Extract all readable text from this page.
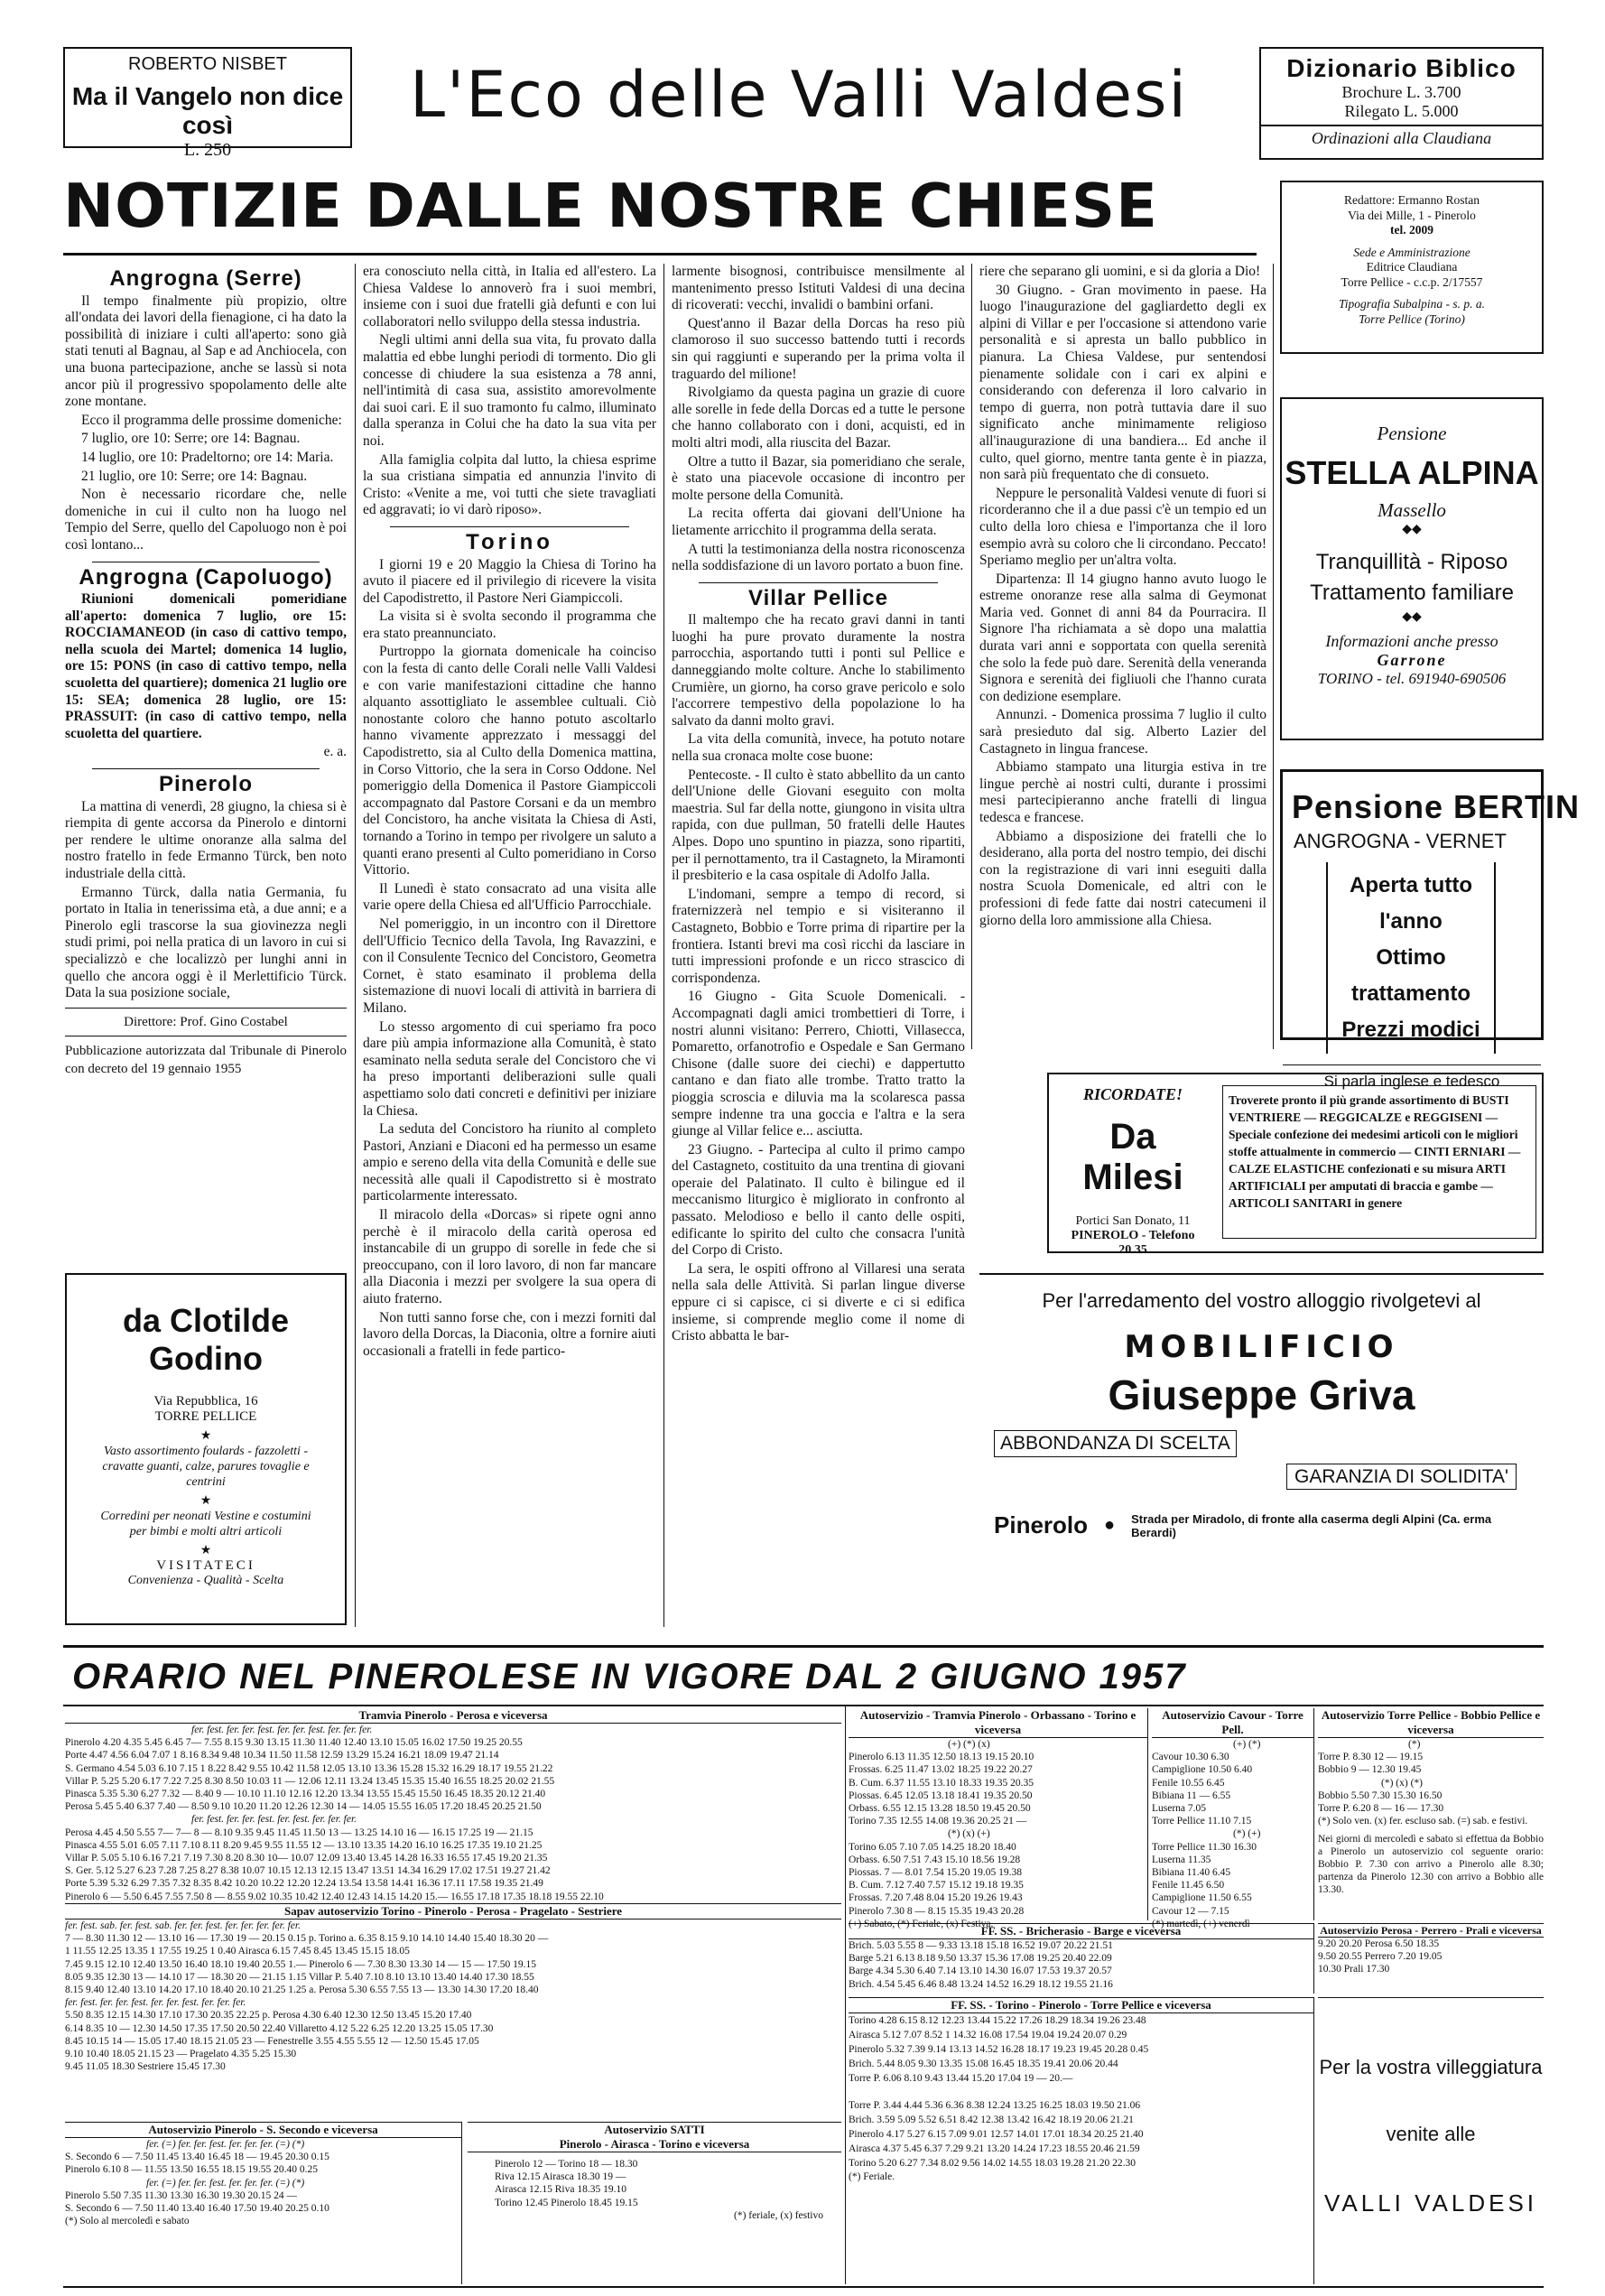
ROBERTO NISBET
Ma il Vangelo non dice così
L. 250
L'Eco delle Valli Valdesi	Dizionario Biblico
Brochure L. 3.700
Rilegato L. 5.000
Ordinazioni alla Claudiana
NOTIZIE DALLE NOSTRE CHIESE	Redattore: Ermanno Rostan
Via dei Mille, 1 - Pinerolo
tel. 2009
Sede e Amministrazione
Editrice Claudiana
Torre Pellice - c.c.p. 2/17557
Tipografia Subalpina - s. p. a.
Torre Pellice (Torino)
Angrogna (Serre)

Il tempo finalmente più propizio, oltre all'ondata dei lavori della fienagione, ci ha dato la possibilità di iniziare i culti all'aperto: sono già stati tenuti al Bagnau, al Sap e ad Anchiocela, con una buona partecipazione, anche se lassù si nota ancor più il progressivo spopolamento delle alte zone montane.

Ecco il programma delle prossime domeniche:

7 luglio, ore 10: Serre; ore 14: Bagnau.

14 luglio, ore 10: Pradeltorno; ore 14: Maria.

21 luglio, ore 10: Serre; ore 14: Bagnau.

Non è necessario ricordare che, nelle domeniche in cui il culto non ha luogo nel Tempio del Serre, quello del Capoluogo non è poi così lontano...

Angrogna (Capoluogo)

Riunioni domenicali pomeridiane all'aperto: domenica 7 luglio, ore 15: ROCCIAMANEOD (in caso di cattivo tempo, nella scuola dei Martel; domenica 14 luglio, ore 15: PONS (in caso di cattivo tempo, nella scuoletta del quartiere); domenica 21 luglio ore 15: SEA; domenica 28 luglio, ore 15: PRASSUIT: (in caso di cattivo tempo, nella scuoletta del quartiere.

e. a.
Pinerolo

La mattina di venerdì, 28 giugno, la chiesa si è riempita di gente accorsa da Pinerolo e dintorni per rendere le ultime onoranze alla salma del nostro fratello in fede Ermanno Türck, ben noto industriale della città.

Ermanno Türck, dalla natia Germania, fu portato in Italia in tenerissima età, a due anni; e a Pinerolo egli trascorse la sua giovinezza negli studi primi, poi nella pratica di un lavoro in cui si specializzò e che localizzò per lunghi anni in quello che ancora oggi è il Merlettificio Türck. Data la sua posizione sociale,

Direttore: Prof. Gino Costabel
Pubblicazione autorizzata dal Tribunale di Pinerolo con decreto del 19 gennaio 1955
da Clotilde Godino
Via Repubblica, 16
TORRE PELLICE
★
Vasto assortimento foulards - fazzoletti - cravatte guanti, calze, parures tovaglie e centrini
★
Corredini per neonati Vestine e costumini per bimbi e molti altri articoli
★
VISITATECI
Convenienza - Qualità - Scelta

era conosciuto nella città, in Italia ed all'estero. La Chiesa Valdese lo annoverò fra i suoi membri, insieme con i suoi due fratelli già defunti e con lui collaboratori nello sviluppo della stessa industria.

Negli ultimi anni della sua vita, fu provato dalla malattia ed ebbe lunghi periodi di tormento. Dio gli concesse di chiudere la sua esistenza a 78 anni, nell'intimità di casa sua, assistito amorevolmente dai suoi cari. E il suo tramonto fu calmo, illuminato dalla speranza in Colui che ha dato la sua vita per noi.

Alla famiglia colpita dal lutto, la chiesa esprime la sua cristiana simpatia ed annunzia l'invito di Cristo: «Venite a me, voi tutti che siete travagliati ed aggravati; io vi darò riposo».

Torino

I giorni 19 e 20 Maggio la Chiesa di Torino ha avuto il piacere ed il privilegio di ricevere la visita del Capodistretto, il Pastore Neri Giampiccoli.

La visita si è svolta secondo il programma che era stato preannunciato.

Purtroppo la giornata domenicale ha coinciso con la festa di canto delle Corali nelle Valli Valdesi e con varie manifestazioni cittadine che hanno alquanto assottigliato le assemblee cultuali. Ciò nonostante coloro che hanno potuto ascoltarlo hanno vivamente apprezzato i messaggi del Capodistretto, sia al Culto della Domenica mattina, in Corso Vittorio, che la sera in Corso Oddone. Nel pomeriggio della Domenica il Pastore Giampiccoli accompagnato dal Pastore Corsani e da un membro del Concistoro, ha anche visitata la Chiesa di Asti, tornando a Torino in tempo per rivolgere un saluto a quanti erano presenti al Culto pomeridiano in Corso Vittorio.

Il Lunedì è stato consacrato ad una visita alle varie opere della Chiesa ed all'Ufficio Parrocchiale.

Nel pomeriggio, in un incontro con il Direttore dell'Ufficio Tecnico della Tavola, Ing Ravazzini, e con il Consulente Tecnico del Concistoro, Geometra Cornet, è stato esaminato il problema della sistemazione di nuovi locali di attività in barriera di Milano.

Lo stesso argomento di cui speriamo fra poco dare più ampia informazione alla Comunità, è stato esaminato nella seduta serale del Concistoro che vi ha preso importanti deliberazioni sulle quali aspettiamo solo dati concreti e definitivi per iniziare la Chiesa.

La seduta del Concistoro ha riunito al completo Pastori, Anziani e Diaconi ed ha permesso un esame ampio e sereno della vita della Comunità e delle sue necessità alle quali il Capodistretto si è mostrato particolarmente interessato.

Il miracolo della «Dorcas» si ripete ogni anno perchè è il miracolo della carità operosa ed instancabile di un gruppo di sorelle in fede che si preoccupano, con il loro lavoro, di non far mancare alla Diaconia i mezzi per svolgere la sua opera di aiuto fraterno.

Non tutti sanno forse che, con i mezzi forniti dal lavoro della Dorcas, la Diaconia, oltre a fornire aiuti occasionali a fratelli in fede partico-

larmente bisognosi, contribuisce mensilmente al mantenimento presso Istituti Valdesi di una decina di ricoverati: vecchi, invalidi o bambini orfani.

Quest'anno il Bazar della Dorcas ha reso più clamoroso il suo successo battendo tutti i records sin qui raggiunti e superando per la prima volta il traguardo del milione!

Rivolgiamo da questa pagina un grazie di cuore alle sorelle in fede della Dorcas ed a tutte le persone che hanno collaborato con i doni, acquisti, ed in molti altri modi, alla riuscita del Bazar.

Oltre a tutto il Bazar, sia pomeridiano che serale, è stato una piacevole occasione di incontro per molte persone della Comunità.

La recita offerta dai giovani dell'Unione ha lietamente arricchito il programma della serata.

A tutti la testimonianza della nostra riconoscenza nella soddisfazione di un lavoro portato a buon fine.

Villar Pellice

Il maltempo che ha recato gravi danni in tanti luoghi ha pure provato duramente la nostra parrocchia, asportando tutti i ponti sul Pellice e danneggiando molte colture. Anche lo stabilimento Crumière, un giorno, ha corso grave pericolo e solo l'accorrere tempestivo della popolazione lo ha salvato da danni molto gravi.

La vita della comunità, invece, ha potuto notare nella sua cronaca molte cose buone:

Pentecoste. - Il culto è stato abbellito da un canto dell'Unione delle Giovani eseguito con molta maestria. Sul far della notte, giungono in visita ultra rapida, con due pullman, 50 fratelli delle Hautes Alpes. Dopo uno spuntino in piazza, sono ripartiti, per il pernottamento, tra il Castagneto, la Miramonti il presbiterio e la casa ospitale di Adolfo Jalla.

L'indomani, sempre a tempo di record, si fraternizzerà nel tempio e si visiteranno il Castagneto, Bobbio e Torre prima di ripartire per la frontiera. Istanti brevi ma così ricchi da lasciare in tutti impressioni profonde e un ricco strascico di corrispondenza.

16 Giugno - Gita Scuole Domenicali. - Accompagnati dagli amici trombettieri di Torre, i nostri alunni visitano: Perrero, Chiotti, Villasecca, Pomaretto, orfanotrofio e Ospedale e San Germano Chisone (dalle suore dei ciechi) e dappertutto cantano e dan fiato alle trombe. Tratto tratto la pioggia scroscia e diluvia ma la scolaresca passa sempre indenne tra una goccia e l'altra e la sera giunge al Villar felice e... asciutta.

23 Giugno. - Partecipa al culto il primo campo del Castagneto, costituito da una trentina di giovani operaie del Palatinato. Il culto è bilingue ed il meccanismo liturgico è migliorato in confronto al passato. Melodioso e bello il canto delle ospiti, edificante lo spirito del culto che consacra l'unità del Corpo di Cristo.

La sera, le ospiti offrono al Villaresi una serata nella sala delle Attività. Si parlan lingue diverse eppure ci si capisce, ci si diverte e ci si edifica insieme, si comprende meglio come il nome di Cristo abbatta le bar-

riere che separano gli uomini, e si da gloria a Dio!

30 Giugno. - Gran movimento in paese. Ha luogo l'inaugurazione del gagliardetto degli ex alpini di Villar e per l'occasione si attendono varie personalità e si apresta un ballo pubblico in pianura. La Chiesa Valdese, pur sentendosi pienamente solidale con i cari ex alpini e considerando con deferenza il loro calvario in tempo di guerra, non potrà tuttavia dare il suo significato anche minimamente religioso all'inaugurazione di una bandiera... Ed anche il culto, quel giorno, mentre tanta gente è in piazza, non sarà più frequentato che di consueto.

Neppure le personalità Valdesi venute di fuori si ricorderanno che il a due passi c'è un tempio ed un culto della loro chiesa e l'importanza che il loro esempio avrà su coloro che li circondano. Peccato! Speriamo meglio per un'altra volta.

Dipartenza: Il 14 giugno hanno avuto luogo le estreme onoranze rese alla salma di Geymonat Maria ved. Gonnet di anni 84 da Pourracira. Il Signore l'ha richiamata a sè dopo una malattia durata vari anni e sopportata con quella serenità che solo la fede può dare. Serenità della veneranda Signora e serenità dei figliuoli che l'hanno curata con dedizione esemplare.

Annunzi. - Domenica prossima 7 luglio il culto sarà presieduto dal sig. Alberto Lazier del Castagneto in lingua francese.

Abbiamo stampato una liturgia estiva in tre lingue perchè ai nostri culti, durante i prossimi mesi partecipieranno anche fratelli di lingua tedesca e francese.

Abbiamo a disposizione dei fratelli che lo desiderano, alla porta del nostro tempio, dei dischi con la registrazione di vari inni eseguiti dalla nostra Scuola Domenicale, ed altri con le professioni di fede fatte dai nostri catecumeni il giorno della loro ammissione alla Chiesa.

Pensione
STELLA ALPINA
Massello
◆◆
Tranquillità - Riposo
Trattamento familiare
◆◆
Informazioni anche presso
Garrone
TORINO - tel. 691940-690506
Pensione BERTIN
ANGROGNA - VERNET
Aperta tutto l'anno
Ottimo trattamento
Prezzi modici
Si parla inglese e tedesco
RICORDATE!
Da Milesi
Portici San Donato, 11
PINEROLO - Telefono 20.35
Troverete pronto il più grande assortimento di BUSTI VENTRIERE — REGGICALZE e REGGISENI — Speciale confezione dei medesimi articoli con le migliori stoffe attualmente in commercio — CINTI ERNIARI — CALZE ELASTICHE confezionati e su misura ARTI ARTIFICIALI per amputati di braccia e gambe — ARTICOLI SANITARI in genere
Per l'arredamento del vostro alloggio rivolgetevi al
MOBILIFICIO
Giuseppe Griva
ABBONDANZA DI SCELTA
GARANZIA DI SOLIDITA'
Pinerolo ● Strada per Miradolo, di fronte alla caserma degli Alpini (Ca. erma Berardi)
ORARIO NEL PINEROLESE IN VIGORE DAL 2 GIUGNO 1957
Tramvia Pinerolo - Perosa e viceversa
fer. fest. fer. fer. fest. fer. fer. fest. fer. fer. fer.
Pinerolo 4.20 4.35 5.45 6.45 7— 7.55 8.15 9.30 13.15 11.30 11.40 12.40 13.10 15.05 16.02 17.50 19.25 20.55
Porte 4.47 4.56 6.04 7.07 1 8.16 8.34 9.48 10.34 11.50 11.58 12.59 13.29 15.24 16.21 18.09 19.47 21.14
S. Germano 4.54 5.03 6.10 7.15 1 8.22 8.42 9.55 10.42 11.58 12.05 13.10 13.36 15.28 15.32 16.29 18.17 19.55 21.22
Villar P. 5.25 5.20 6.17 7.22 7.25 8.30 8.50 10.03 11 — 12.06 12.11 13.24 13.45 15.35 15.40 16.55 18.25 20.02 21.55
Pinasca 5.35 5.30 6.27 7.32 — 8.40 9 — 10.10 11.10 12.16 12.20 13.34 13.55 15.45 15.50 16.45 18.35 20.12 21.40
Perosa 5.45 5.40 6.37 7.40 — 8.50 9.10 10.20 11.20 12.26 12.30 14 — 14.05 15.55 16.05 17.20 18.45 20.25 21.50
fer. fest. fer. fer. fest. fer. fest. fer. fer. fer.
Perosa 4.45 4.50 5.55 7— 7— 8 — 8.10 9.35 9.45 11.45 11.50 13 — 13.25 14.10 16 — 16.15 17.25 19 — 21.15
Pinasca 4.55 5.01 6.05 7.11 7.10 8.11 8.20 9.45 9.55 11.55 12 — 13.10 13.35 14.20 16.10 16.25 17.35 19.10 21.25
Villar P. 5.05 5.10 6.16 7.21 7.19 7.30 8.20 8.30 10— 10.07 12.09 13.40 13.45 14.28 16.33 16.55 17.45 19.20 21.35
S. Ger. 5.12 5.27 6.23 7.28 7.25 8.27 8.38 10.07 10.15 12.13 12.15 13.47 13.51 14.34 16.29 17.02 17.51 19.27 21.42
Porte 5.39 5.32 6.29 7.35 7.32 8.35 8.42 10.20 10.22 12.20 12.24 13.54 13.58 14.41 16.36 17.11 17.58 19.35 21.49
Pinerolo 6 — 5.50 6.45 7.55 7.50 8 — 8.55 9.02 10.35 10.42 12.40 12.43 14.15 14.20 15.— 16.55 17.18 17.35 18.18 19.55 22.10
Sapav autoservizio Torino - Pinerolo - Perosa - Pragelato - Sestriere
fer. fest. sab. fer. fest. sab. fer. fer. fest. fer. fer. fer. fer. fer.
7 — 8.30 11.30 12 — 13.10 16 — 17.30 19 — 20.15 0.15 p. Torino a. 6.35 8.15 9.10 14.10 14.40 15.40 18.30 20 —
1 11.55 12.25 13.35 1 17.55 19.25 1 0.40 Airasca 6.15 7.45 8.45 13.45 15.15 18.05
7.45 9.15 12.10 12.40 13.50 16.40 18.10 19.40 20.55 1.— Pinerolo 6 — 7.30 8.30 13.30 14 — 15 — 17.50 19.15
8.05 9.35 12.30 13 — 14.10 17 — 18.30 20 — 21.15 1.15 Villar P. 5.40 7.10 8.10 13.10 13.40 14.40 17.30 18.55
8.15 9.40 12.40 13.10 14.20 17.10 18.40 20.10 21.25 1.25 a. Perosa 5.30 6.55 7.55 13 — 13.30 14.30 17.20 18.40
fer. fest. fer. fer. fest. fer. fer. fest. fer. fer. fer.
5.50 8.35 12.15 14.30 17.10 17.30 20.35 22.25 p. Perosa 4.30 6.40 12.30 12.50 13.45 15.20 17.40
6.14 8.35 10 — 12.30 14.50 17.35 17.50 20.50 22.40 Villaretto 4.12 5.22 6.25 12.20 13.25 15.05 17.30
8.45 10.15 14 — 15.05 17.40 18.15 21.05 23 — Fenestrelle 3.55 4.55 5.55 12 — 12.50 15.45 17.05
9.10 10.40 18.05 21.15 23 — Pragelato 4.35 5.25 15.30
9.45 11.05 18.30 Sestriere 15.45 17.30
Autoservizio Pinerolo - S. Secondo e viceversa
fer. (=) fer. fer. fest. fer. fer. fer. (=) (*)
S. Secondo 6 — 7.50 11.45 13.40 16.45 18 — 19.45 20.30 0.15
Pinerolo 6.10 8 — 11.55 13.50 16.55 18.15 19.55 20.40 0.25
fer. (=) fer. fer. fest. fer. fer. fer. (=) (*)
Pinerolo 5.50 7.35 11.30 13.30 16.30 19.30 20.15 24 —
S. Secondo 6 — 7.50 11.40 13.40 16.40 17.50 19.40 20.25 0.10
(*) Solo al mercoledì e sabato
Autoservizio SATTI
Pinerolo - Airasca - Torino e viceversa
Pinerolo 12 — Torino 18 — 18.30
Riva 12.15 Airasca 18.30 19 —
Airasca 12.15 Riva 18.35 19.10
Torino 12.45 Pinerolo 18.45 19.15
(*) feriale, (x) festivo
Autoservizio - Tramvia Pinerolo - Orbassano - Torino e viceversa
(+) (*) (x)
Pinerolo 6.13 11.35 12.50 18.13 19.15 20.10
Frossas. 6.25 11.47 13.02 18.25 19.22 20.27
B. Cum. 6.37 11.55 13.10 18.33 19.35 20.35
Piossas. 6.45 12.05 13.18 18.41 19.35 20.50
Orbass. 6.55 12.15 13.28 18.50 19.45 20.50
Torino 7.35 12.55 14.08 19.36 20.25 21 —
(*) (x) (+)
Torino 6.05 7.10 7.05 14.25 18.20 18.40
Orbass. 6.50 7.51 7.43 15.10 18.56 19.28
Piossas. 7 — 8.01 7.54 15.20 19.05 19.38
B. Cum. 7.12 7.40 7.57 15.12 19.18 19.35
Frossas. 7.20 7.48 8.04 15.20 19.26 19.43
Pinerolo 7.30 8 — 8.15 15.35 19.43 20.28
(+) Sabato, (*) Feriale, (x) Festiva.
Autoservizio Cavour - Torre Pell.
(+) (*)
Cavour 10.30 6.30
Campiglione 10.50 6.40
Fenile 10.55 6.45
Bibiana 11 — 6.55
Luserna 7.05
Torre Pellice 11.10 7.15
(*) (+)
Torre Pellice 11.30 16.30
Luserna 11.35
Bibiana 11.40 6.45
Fenile 11.45 6.50
Campiglione 11.50 6.55
Cavour 12 — 7.15
(*) martedì, (+) venerdì
Autoservizio Torre Pellice - Bobbio Pellice e viceversa
(*)
Torre P. 8.30 12 — 19.15
Bobbio 9 — 12.30 19.45
(*) (x) (*)
Bobbio 5.50 7.30 15.30 16.50
Torre P. 6.20 8 — 16 — 17.30
(*) Solo ven. (x) fer. escluso sab. (=) sab. e festivi.
Nei giorni di mercoledì e sabato si effettua da Bobbio a Pinerolo un autoservizio col seguente orario: Bobbio P. 7.30 con arrivo a Pinerolo alle 8.30; partenza da Pinerolo 12.30 con arrivo a Bobbio alle 13.30.
FF. SS. - Bricherasio - Barge e viceversa
Brich. 5.03 5.55 8 — 9.33 13.18 15.18 16.52 19.07 20.22 21.51
Barge 5.21 6.13 8.18 9.50 13.37 15.36 17.08 19.25 20.40 22.09
Barge 4.34 5.30 6.40 7.14 13.10 14.30 16.07 17.53 19.37 20.57
Brich. 4.54 5.45 6.46 8.48 13.24 14.52 16.29 18.12 19.55 21.16
Autoservizio Perosa - Perrero - Prali e viceversa
9.20 20.20 Perosa 6.50 18.35
9.50 20.55 Perrero 7.20 19.05
10.30 Prali 17.30
FF. SS. - Torino - Pinerolo - Torre Pellice e viceversa
Torino 4.28 6.15 8.12 12.23 13.44 15.22 17.26 18.29 18.34 19.26 23.48
Airasca 5.12 7.07 8.52 1 14.32 16.08 17.54 19.04 19.24 20.07 0.29
Pinerolo 5.32 7.39 9.14 13.13 14.52 16.28 18.17 19.23 19.45 20.28 0.45
Brich. 5.44 8.05 9.30 13.35 15.08 16.45 18.35 19.41 20.06 20.44
Torre P. 6.06 8.10 9.43 13.44 15.20 17.04 19 — 20.—
Torre P. 3.44 4.44 5.36 6.36 8.38 12.24 13.25 16.25 18.03 19.50 21.06
Brich. 3.59 5.09 5.52 6.51 8.42 12.38 13.42 16.42 18.19 20.06 21.21
Pinerolo 4.17 5.27 6.15 7.09 9.01 12.57 14.01 17.01 18.34 20.25 21.40
Airasca 4.37 5.45 6.37 7.29 9.21 13.20 14.24 17.23 18.55 20.46 21.59
Torino 5.20 6.27 7.34 8.02 9.56 14.02 14.55 18.03 19.28 21.20 22.30
(*) Feriale.
Per la vostra villeggiatura
venite alle
VALLI VALDESI
